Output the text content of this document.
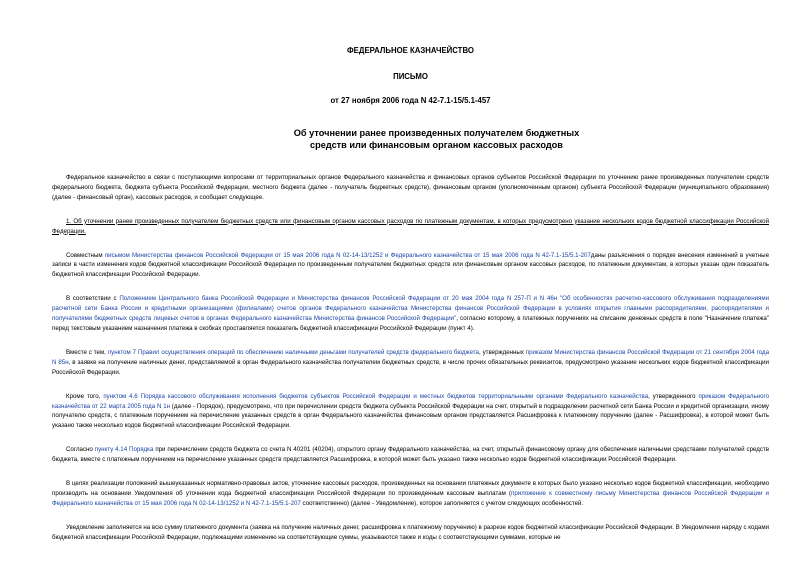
ФЕДЕРАЛЬНОЕ КАЗНАЧЕЙСТВО
ПИСЬМО
от 27 ноября 2006 года N 42-7.1-15/5.1-457
Об уточнении ранее произведенных получателем бюджетных
средств или финансовым органом кассовых расходов

Федеральное казначейство в связи с поступающими вопросами от территориальных органов Федерального казначейства и финансовых органов субъектов Российской Федерации по уточнению ранее произведенных получателем средств федерального бюджета, бюджета субъекта Российской Федерации, местного бюджета (далее - получатель бюджетных средств), финансовым органом (уполномоченным органом) субъекта Российской Федерации (муниципального образования) (далее - финансовый орган), кассовых расходов, и сообщает следующее.

1. Об уточнении ранее произведенных получателем бюджетных средств или финансовым органом кассовых расходов по платежным документам, в которых предусмотрено указание нескольких кодов бюджетной классификации Российской Федерации.

Совместным письмом Министерства финансов Российской Федерации от 15 мая 2006 года N 02-14-13/1252 и Федерального казначейства от 15 мая 2006 года N 42-7.1-15/5.1-207даны разъяснения о порядке внесения изменений в учетные записи в части изменения кодов бюджетной классификации Российской Федерации по произведенным получателем бюджетных средств или финансовым органом кассовых расходов, по платежным документам, в которых указан один показатель бюджетной классификации Российской Федерации.

В соответствии с Положением Центрального банка Российской Федерации и Министерства финансов Российской Федерации от 20 мая 2004 года N 257-П и N 46н "Об особенностях расчетно-кассового обслуживания подразделениями расчетной сети Банка России и кредитными организациями (филиалами) счетов органов Федерального казначейства Министерства финансов Российской Федерации в условиях открытия главными распорядителями, распорядителями и получателями бюджетных средств лицевых счетов в органах Федерального казначейства Министерства финансов Российской Федерации", согласно которому, в платежных поручениях на списание денежных средств в поле "Назначение платежа" перед текстовым указанием назначения платежа в скобках проставляется показатель бюджетной классификации Российской Федерации (пункт 4).

Вместе с тем, пунктом 7 Правил осуществления операций по обеспечению наличными деньгами получателей средств федерального бюджета, утвержденных приказом Министерства финансов Российской Федерации от 21 сентября 2004 года N 85н, в заявке на получение наличных денег, представляемой в орган Федерального казначейства получателем бюджетных средств, в числе прочих обязательных реквизитов, предусмотрено указание нескольких кодов бюджетной классификации Российской Федерации.

Кроме того, пунктом 4.6 Порядка кассового обслуживания исполнения бюджетов субъектов Российской Федерации и местных бюджетов территориальными органами Федерального казначейства, утвержденного приказом Федерального казначейства от 22 марта 2005 года N 1н (далее - Порядок), предусмотрено, что при перечислении средств бюджета субъекта Российской Федерации на счет, открытый в подразделении расчетной сети Банка России и кредитной организации, иному получателю средств, с платежным поручением на перечисление указанных средств в орган Федерального казначейства финансовым органом представляется Расшифровка к платежному поручению (далее - Расшифровка), в которой может быть указано также несколько кодов бюджетной классификации Российской Федерации.

Согласно пункту 4.14 Порядка при перечислении средств бюджета со счета N 40201 (40204), открытого органу Федерального казначейства, на счет, открытый финансовому органу для обеспечения наличными средствами получателей средств бюджета, вместе с платежным поручением на перечисление указанных средств представляется Расшифровка, в которой может быть указано также несколько кодов бюджетной классификации Российской Федерации.

В целях реализации положений вышеуказанных нормативно-правовых актов, уточнение кассовых расходов, произведенных на основании платежных документе в которых было указано несколько кодов бюджетной классификации, необходимо производить на основании Уведомления об уточнении кода бюджетной классификации Российской Федерации по произведенным кассовым выплатам (приложение к совместному письму Министерства финансов Российской Федерации и Федерального казначейства от 15 мая 2006 года N 02-14-13/1252 и N 42-7.1-15/5.1-207 соответственно) (далее - Уведомление), которое заполняется с учетом следующих особенностей.

Уведомление заполняется на всю сумму платежного документа (заявка на получение наличных денег, расшифровка к платежному поручению) в разрезе кодов бюджетной классификации Российской Федерации. В Уведомлении наряду с кодами бюджетной классификации Российской Федерации, подлежащими изменению на соответствующие суммы, указываются также и коды с соответствующими суммами, которые не
